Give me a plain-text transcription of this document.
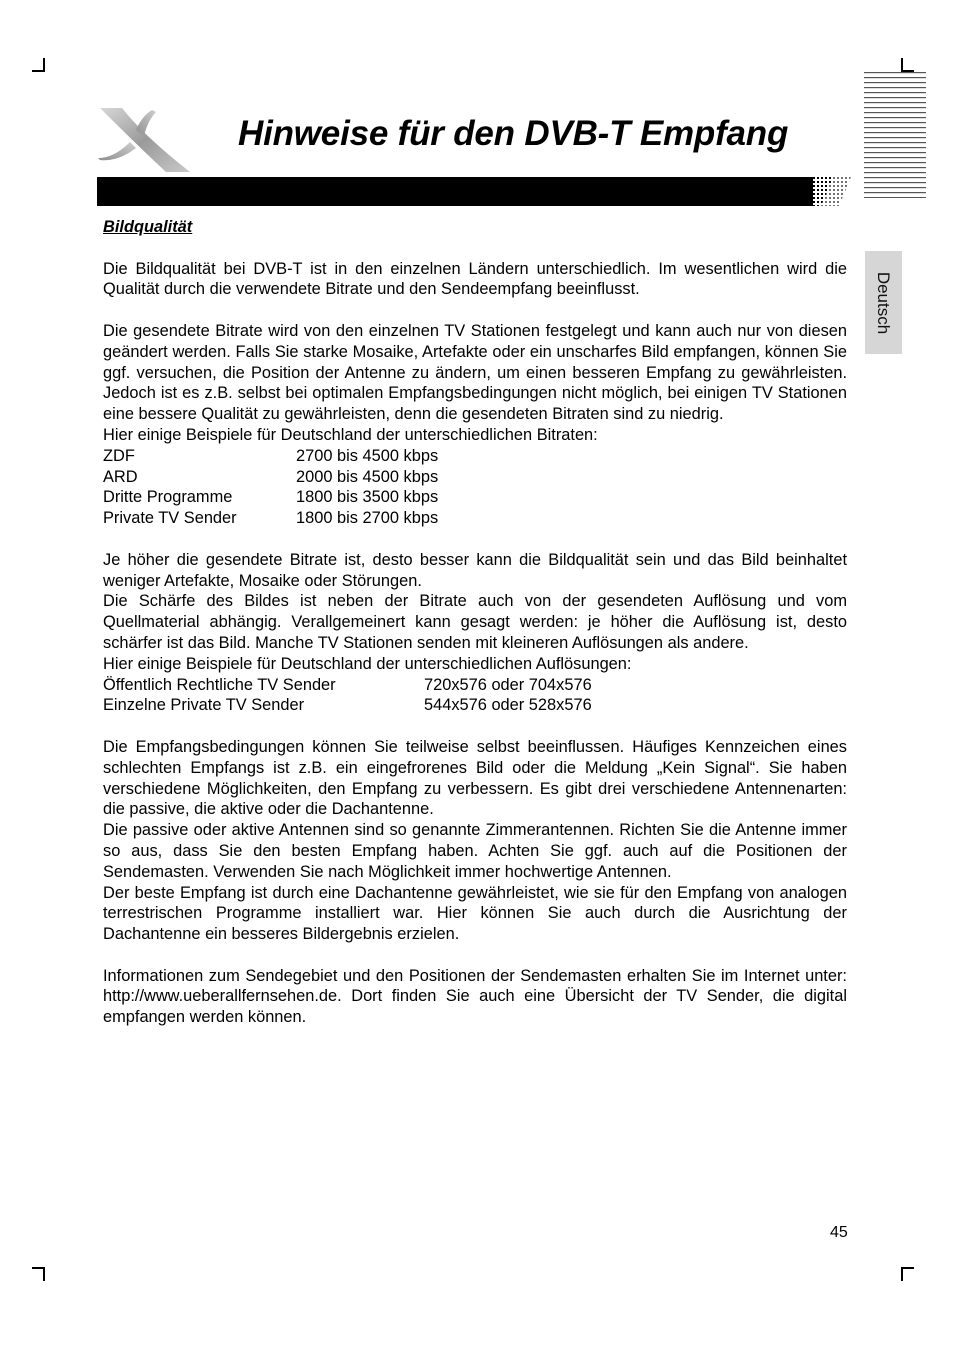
Hinweise für den DVB-T Empfang
Deutsch

Bildqualität

Die Bildqualität bei DVB-T ist in den einzelnen Ländern unterschiedlich. Im wesentlichen wird die Qualität durch die verwendete Bitrate und den Sendeempfang beeinflusst.

Die gesendete Bitrate wird von den einzelnen TV Stationen festgelegt und kann auch nur von diesen geändert werden. Falls Sie starke Mosaike, Artefakte oder ein unscharfes Bild empfangen, können Sie ggf. versuchen, die Position der Antenne zu ändern, um einen besseren Empfang zu gewährleisten. Jedoch ist es z.B. selbst bei optimalen Empfangsbedingungen nicht möglich, bei einigen TV Stationen eine bessere Qualität zu gewährleisten, denn die gesendeten Bitraten sind zu niedrig.

Hier einige Beispiele für Deutschland der unterschiedlichen Bitraten:

ZDF	2700 bis 4500 kbps
ARD	2000 bis 4500 kbps
Dritte Programme	1800 bis 3500 kbps
Private TV Sender	1800 bis 2700 kbps

Je höher die gesendete Bitrate ist, desto besser kann die Bildqualität sein und das Bild beinhaltet weniger Artefakte, Mosaike oder Störungen.

Die Schärfe des Bildes ist neben der Bitrate auch von der gesendeten Auflösung und vom Quellmaterial abhängig. Verallgemeinert kann gesagt werden: je höher die Auflösung ist, desto schärfer ist das Bild. Manche TV Stationen senden mit kleineren Auflösungen als andere.

Hier einige Beispiele für Deutschland der unterschiedlichen Auflösungen:

Öffentlich Rechtliche TV Sender	720x576 oder 704x576
Einzelne Private TV Sender	544x576 oder 528x576

Die Empfangsbedingungen können Sie teilweise selbst beeinflussen. Häufiges Kennzeichen eines schlechten Empfangs ist z.B. ein eingefrorenes Bild oder die Meldung „Kein Signal“. Sie haben verschiedene Möglichkeiten, den Empfang zu verbessern. Es gibt drei verschiedene Antennenarten: die passive, die aktive oder die Dachantenne.

Die passive oder aktive Antennen sind so genannte Zimmerantennen. Richten Sie die Antenne immer so aus, dass Sie den besten Empfang haben. Achten Sie ggf. auch auf die Positionen der Sendemasten. Verwenden Sie nach Möglichkeit immer hochwertige Antennen.

Der beste Empfang ist durch eine Dachantenne gewährleistet, wie sie für den Empfang von analogen terrestrischen Programme installiert war. Hier können Sie auch durch die Ausrichtung der Dachantenne ein besseres Bildergebnis erzielen.

Informationen zum Sendegebiet und den Positionen der Sendemasten erhalten Sie im Internet unter: http://www.ueberallfernsehen.de. Dort finden Sie auch eine Übersicht der TV Sender, die digital empfangen werden können.

45
